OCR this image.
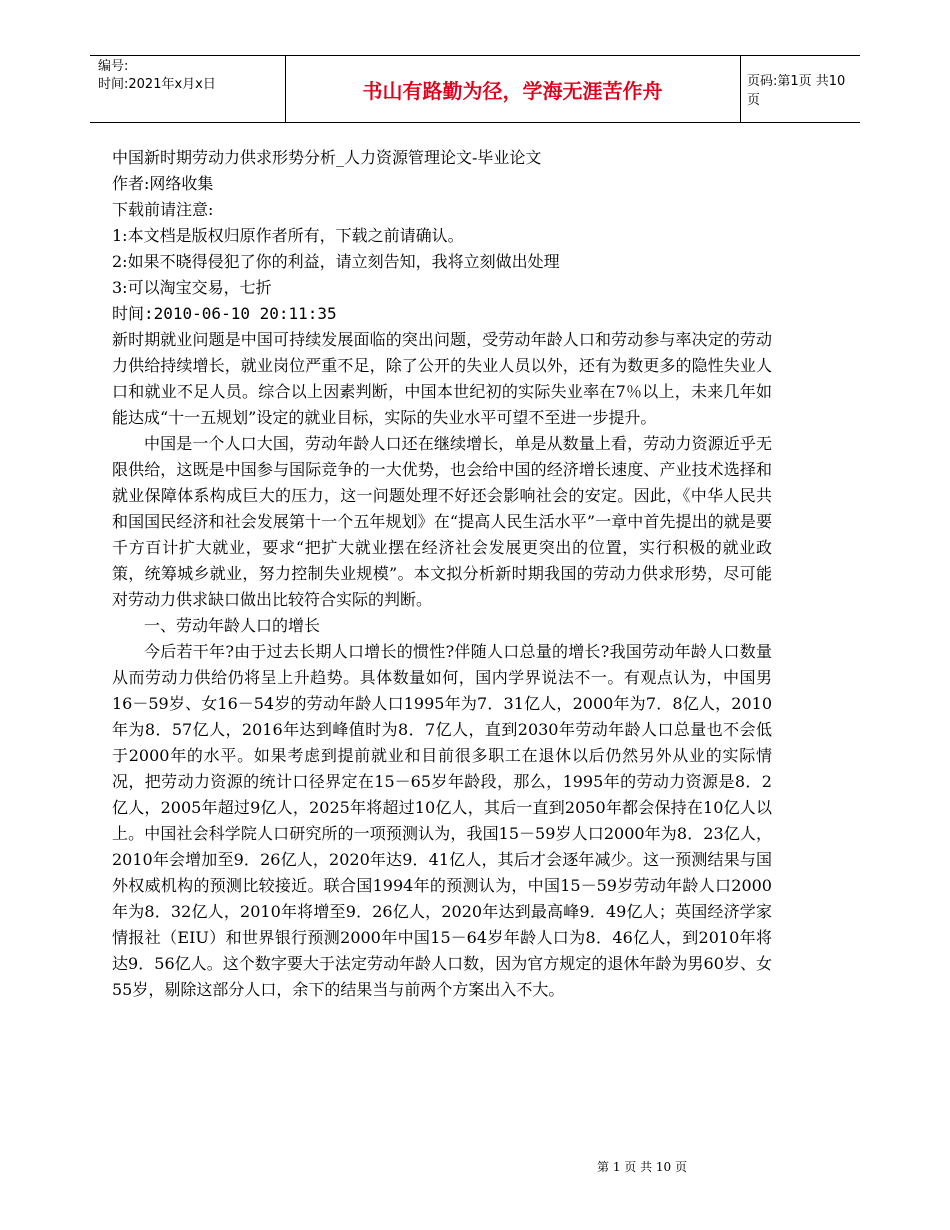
编号:
时间:2021年x月x日	书山有路勤为径，学海无涯苦作舟	页码:第1页 共10页
中国新时期劳动力供求形势分析_人力资源管理论文-毕业论文
作者:网络收集
下载前请注意:
1:本文档是版权归原作者所有，下载之前请确认。
2:如果不晓得侵犯了你的利益，请立刻告知，我将立刻做出处理
3:可以淘宝交易，七折
时间:2010-06-10 20:11:35
新时期就业问题是中国可持续发展面临的突出问题，受劳动年龄人口和劳动参与率决定的劳动力供给持续增长，就业岗位严重不足，除了公开的失业人员以外，还有为数更多的隐性失业人口和就业不足人员。综合以上因素判断，中国本世纪初的实际失业率在7％以上，未来几年如能达成“十一五规划”设定的就业目标，实际的失业水平可望不至进一步提升。
中国是一个人口大国，劳动年龄人口还在继续增长，单是从数量上看，劳动力资源近乎无限供给，这既是中国参与国际竞争的一大优势，也会给中国的经济增长速度、产业技术选择和就业保障体系构成巨大的压力，这一问题处理不好还会影响社会的安定。因此，《中华人民共和国国民经济和社会发展第十一个五年规划》在“提高人民生活水平”一章中首先提出的就是要千方百计扩大就业，要求“把扩大就业摆在经济社会发展更突出的位置，实行积极的就业政策，统筹城乡就业，努力控制失业规模”。本文拟分析新时期我国的劳动力供求形势，尽可能对劳动力供求缺口做出比较符合实际的判断。
一、劳动年龄人口的增长
今后若干年?由于过去长期人口增长的惯性?伴随人口总量的增长?我国劳动年龄人口数量从而劳动力供给仍将呈上升趋势。具体数量如何，国内学界说法不一。有观点认为，中国男16－59岁、女16－54岁的劳动年龄人口1995年为7．31亿人，2000年为7．8亿人，2010年为8．57亿人，2016年达到峰值时为8．7亿人，直到2030年劳动年龄人口总量也不会低于2000年的水平。如果考虑到提前就业和目前很多职工在退休以后仍然另外从业的实际情况，把劳动力资源的统计口径界定在15－65岁年龄段，那么，1995年的劳动力资源是8．2亿人，2005年超过9亿人，2025年将超过10亿人，其后一直到2050年都会保持在10亿人以上。中国社会科学院人口研究所的一项预测认为，我国15－59岁人口2000年为8．23亿人，2010年会增加至9．26亿人，2020年达9．41亿人，其后才会逐年减少。这一预测结果与国外权威机构的预测比较接近。联合国1994年的预测认为，中国15－59岁劳动年龄人口2000年为8．32亿人，2010年将增至9．26亿人，2020年达到最高峰9．49亿人；英国经济学家情报社（EIU）和世界银行预测2000年中国15－64岁年龄人口为8．46亿人，到2010年将达9．56亿人。这个数字要大于法定劳动年龄人口数，因为官方规定的退休年龄为男60岁、女55岁，剔除这部分人口，余下的结果当与前两个方案出入不大。
第 1 页 共 10 页
